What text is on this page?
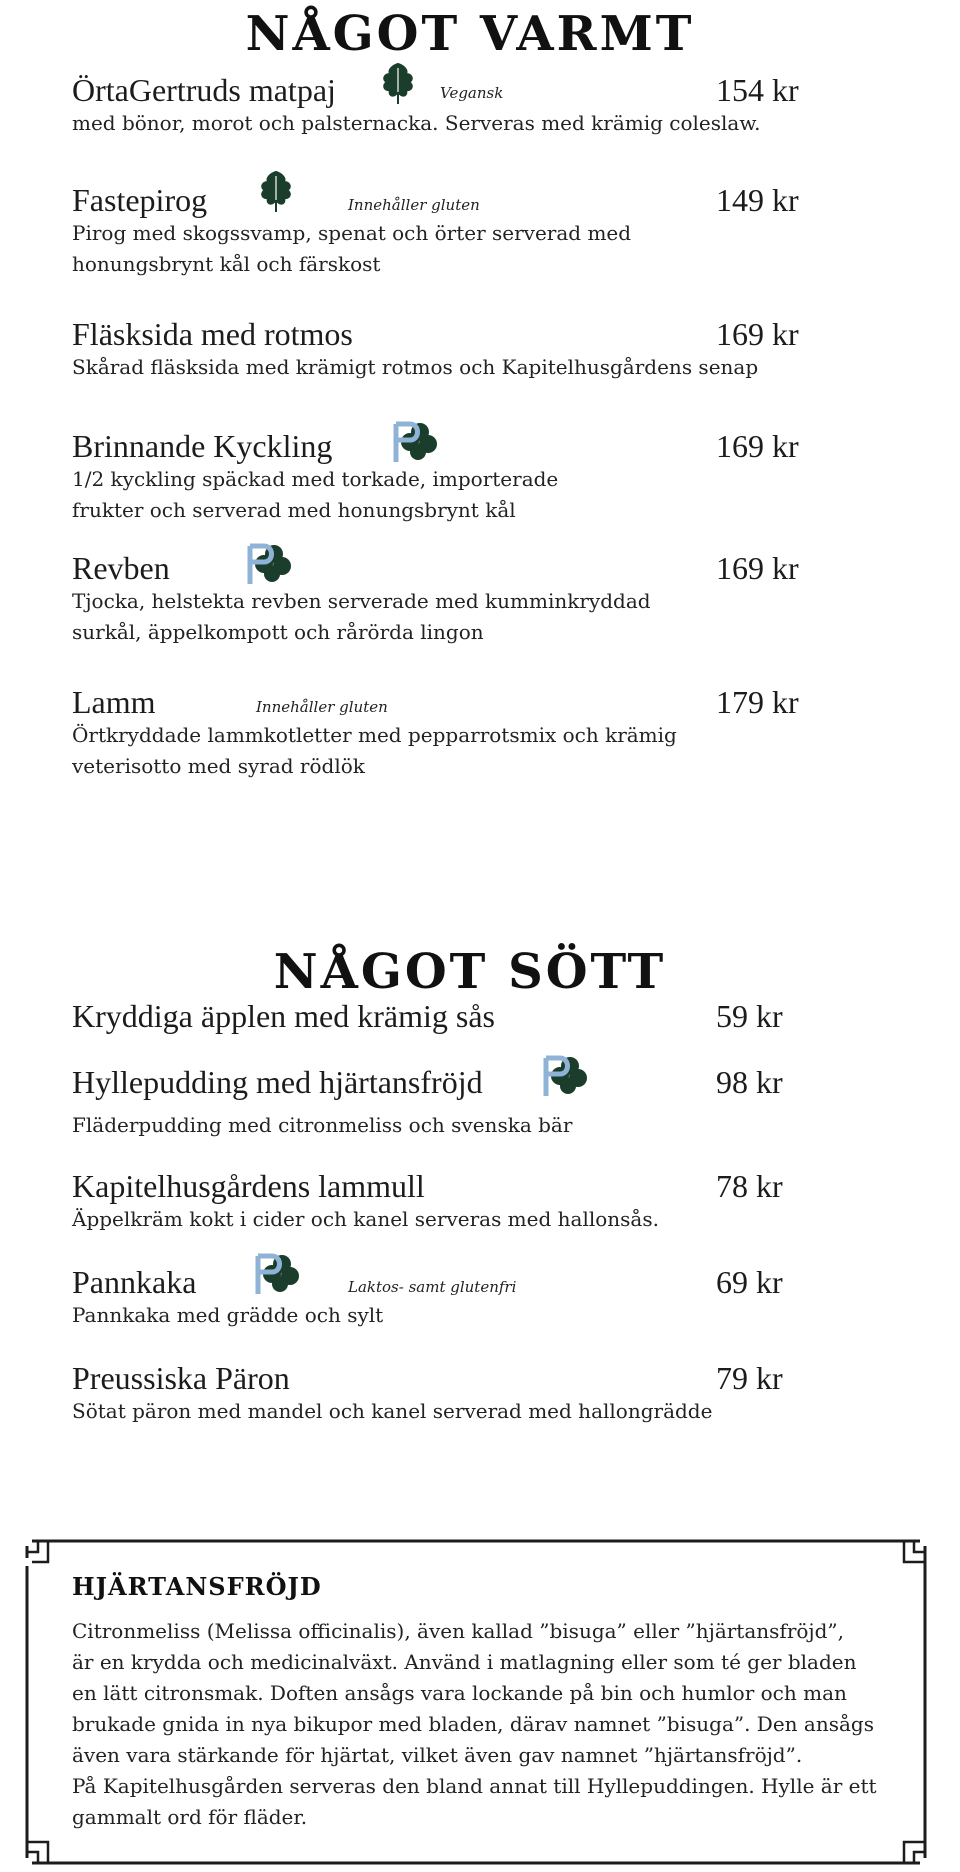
NÅGOT VARMT
NÅGOT SÖTT
ÖrtaGertruds matpaj	Vegansk	154 kr
med bönor, morot och palsternacka. Serveras med krämig coleslaw.
Fastepirog	Innehåller gluten	149 kr
Pirog med skogssvamp, spenat och örter serverad med honungsbrynt kål och färskost
Fläsksida med rotmos	169 kr
Skårad fläsksida med krämigt rotmos och Kapitelhusgårdens senap
Brinnande Kyckling	169 kr
1/2 kyckling späckad med torkade, importerade frukter och serverad med honungsbrynt kål
Revben	169 kr
Tjocka, helstekta revben serverade med kumminkryddad surkål, äppelkompott och rårörda lingon
Lamm	Innehåller gluten	179 kr
Örtkryddade lammkotletter med pepparrotsmix och krämig veterisotto med syrad rödlök
Kryddiga äpplen med krämig sås	59 kr
Hyllepudding med hjärtansfröjd	98 kr
Fläderpudding med citronmeliss och svenska bär
Kapitelhusgårdens lammull	78 kr
Äppelkräm kokt i cider och kanel serveras med hallonsås.
Pannkaka	Laktos- samt glutenfri	69 kr
Pannkaka med grädde och sylt
Preussiska Päron	79 kr
Sötat päron med mandel och kanel serverad med hallongrädde
HJÄRTANSFRÖJD
Citronmeliss (Melissa officinalis), även kallad ”bisuga” eller ”hjärtansfröjd”,
är en krydda och medicinalväxt. Använd i matlagning eller som té ger bladen
en lätt citronsmak. Doften ansågs vara lockande på bin och humlor och man
brukade gnida in nya bikupor med bladen, därav namnet ”bisuga”. Den ansågs
även vara stärkande för hjärtat, vilket även gav namnet ”hjärtansfröjd”.
På Kapitelhusgården serveras den bland annat till Hyllepuddingen. Hylle är ett
gammalt ord för fläder.
